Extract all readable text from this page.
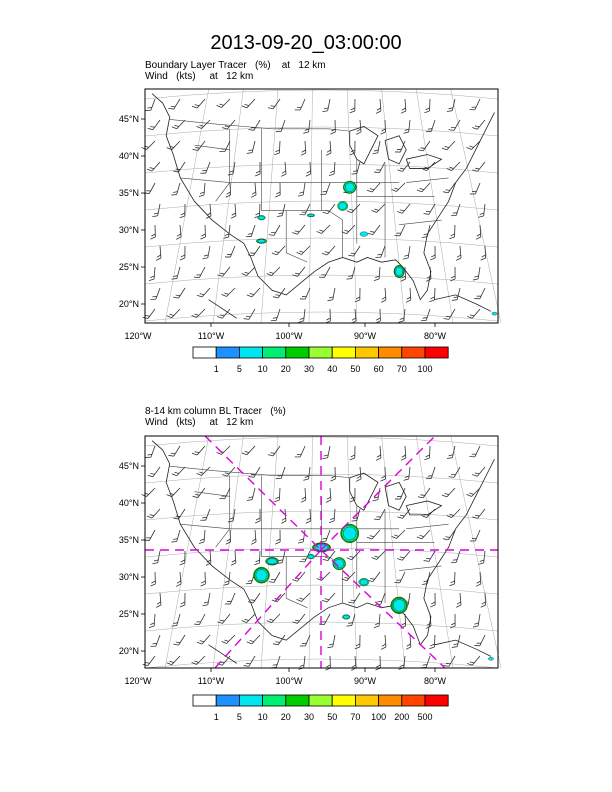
2013-09-20_03:00:00
Boundary Layer Tracer   (%)    at   12 km
Wind   (kts)     at   12 km
8-14 km column BL Tracer   (%)
Wind   (kts)     at   12 km
45°N
40°N
35°N
30°N
25°N
20°N
120°W	110°W	100°W	90°W	80°W
1 5 10 20 30 40 50 60 70 100
45°N
40°N
35°N
30°N
25°N
20°N
120°W	110°W	100°W	90°W	80°W
1 5 10 20 30 50 70 100 200 500
